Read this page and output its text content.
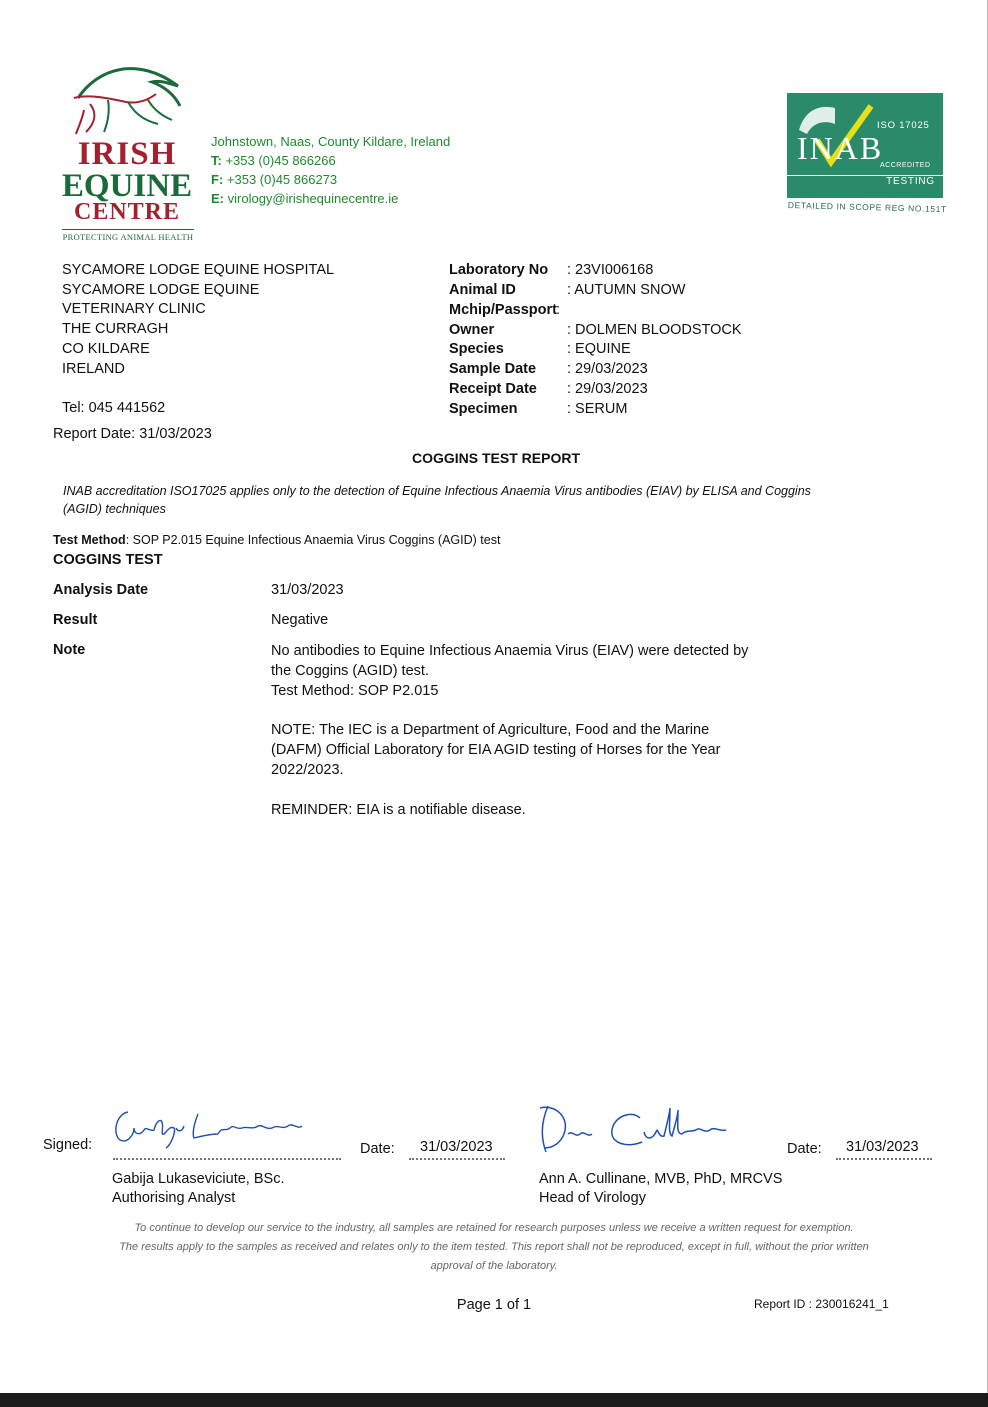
IRISH
EQUINE
CENTRE
PROTECTING ANIMAL HEALTH
Johnstown, Naas, County Kildare, Ireland
T: +353 (0)45 866266
F: +353 (0)45 866273
E: virology@irishequinecentre.ie
ISO 17025
INAB
ACCREDITED
TESTING
DETAILED IN SCOPE REG NO.151T
SYCAMORE LODGE EQUINE HOSPITAL
SYCAMORE LODGE EQUINE
VETERINARY CLINIC
THE CURRAGH
CO KILDARE
IRELAND
Tel: 045 441562
Report Date: 31/03/2023
Laboratory No : 23VI006168
Animal ID	: AUTUMN SNOW
Mchip/Passport :
Owner	: DOLMEN BLOODSTOCK
Species	: EQUINE
Sample Date : 29/03/2023
Receipt Date : 29/03/2023
Specimen	: SERUM
COGGINS TEST REPORT
INAB accreditation ISO17025 applies only to the detection of Equine Infectious Anaemia Virus antibodies (EIAV) by ELISA and Coggins (AGID) techniques
Test Method: SOP P2.015 Equine Infectious Anaemia Virus Coggins (AGID) test
COGGINS TEST
Analysis Date	31/03/2023
Result	Negative
Note	No antibodies to Equine Infectious Anaemia Virus (EIAV) were detected by the Coggins (AGID) test.
Test Method: SOP P2.015
NOTE: The IEC is a Department of Agriculture, Food and the Marine (DAFM) Official Laboratory for EIA AGID testing of Horses for the Year 2022/2023.
REMINDER: EIA is a notifiable disease.
Signed:	Date: 31/03/2023
Gabija Lukaseviciute, BSc.
Authorising Analyst
Date: 31/03/2023
Ann A. Cullinane, MVB, PhD, MRCVS
Head of Virology
To continue to develop our service to the industry, all samples are retained for research purposes unless we receive a written request for exemption.
The results apply to the samples as received and relates only to the item tested. This report shall not be reproduced, except in full, without the prior written approval of the laboratory.
Page 1 of 1	Report ID : 230016241_1
